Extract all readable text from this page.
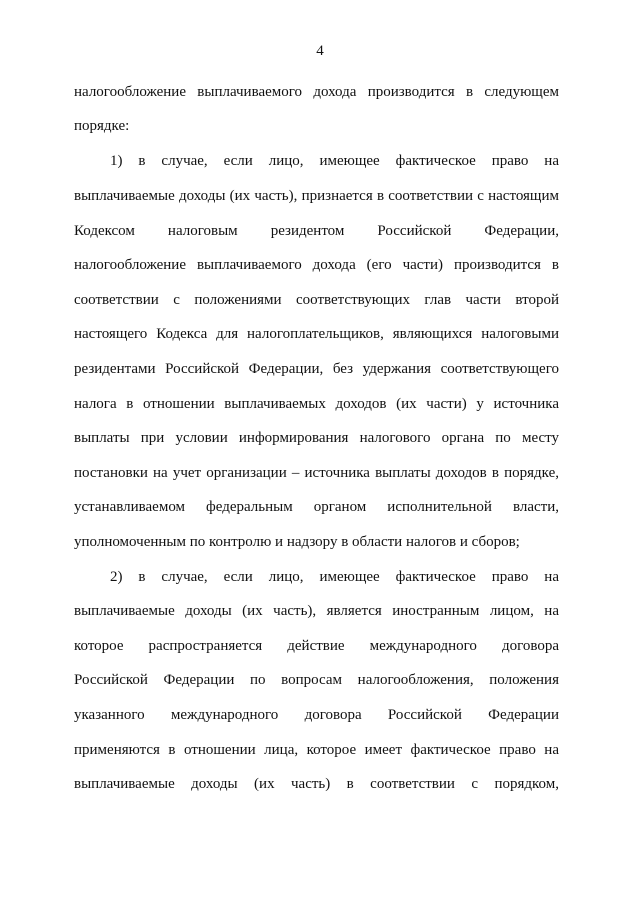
4
налогообложение выплачиваемого дохода производится в следующем
порядке:
1) в случае, если лицо, имеющее фактическое право на
выплачиваемые доходы (их часть), признается в соответствии с настоящим
Кодексом налоговым резидентом Российской Федерации,
налогообложение выплачиваемого дохода (его части) производится в
соответствии с положениями соответствующих глав части второй
настоящего Кодекса для налогоплательщиков, являющихся налоговыми
резидентами Российской Федерации, без удержания соответствующего
налога в отношении выплачиваемых доходов (их части) у источника
выплаты при условии информирования налогового органа по месту
постановки на учет организации – источника выплаты доходов в порядке,
устанавливаемом федеральным органом исполнительной власти,
уполномоченным по контролю и надзору в области налогов и сборов;
2) в случае, если лицо, имеющее фактическое право на
выплачиваемые доходы (их часть), является иностранным лицом, на
которое распространяется действие международного договора
Российской Федерации по вопросам налогообложения, положения
указанного международного договора Российской Федерации
применяются в отношении лица, которое имеет фактическое право на
выплачиваемые доходы (их часть) в соответствии с порядком,
